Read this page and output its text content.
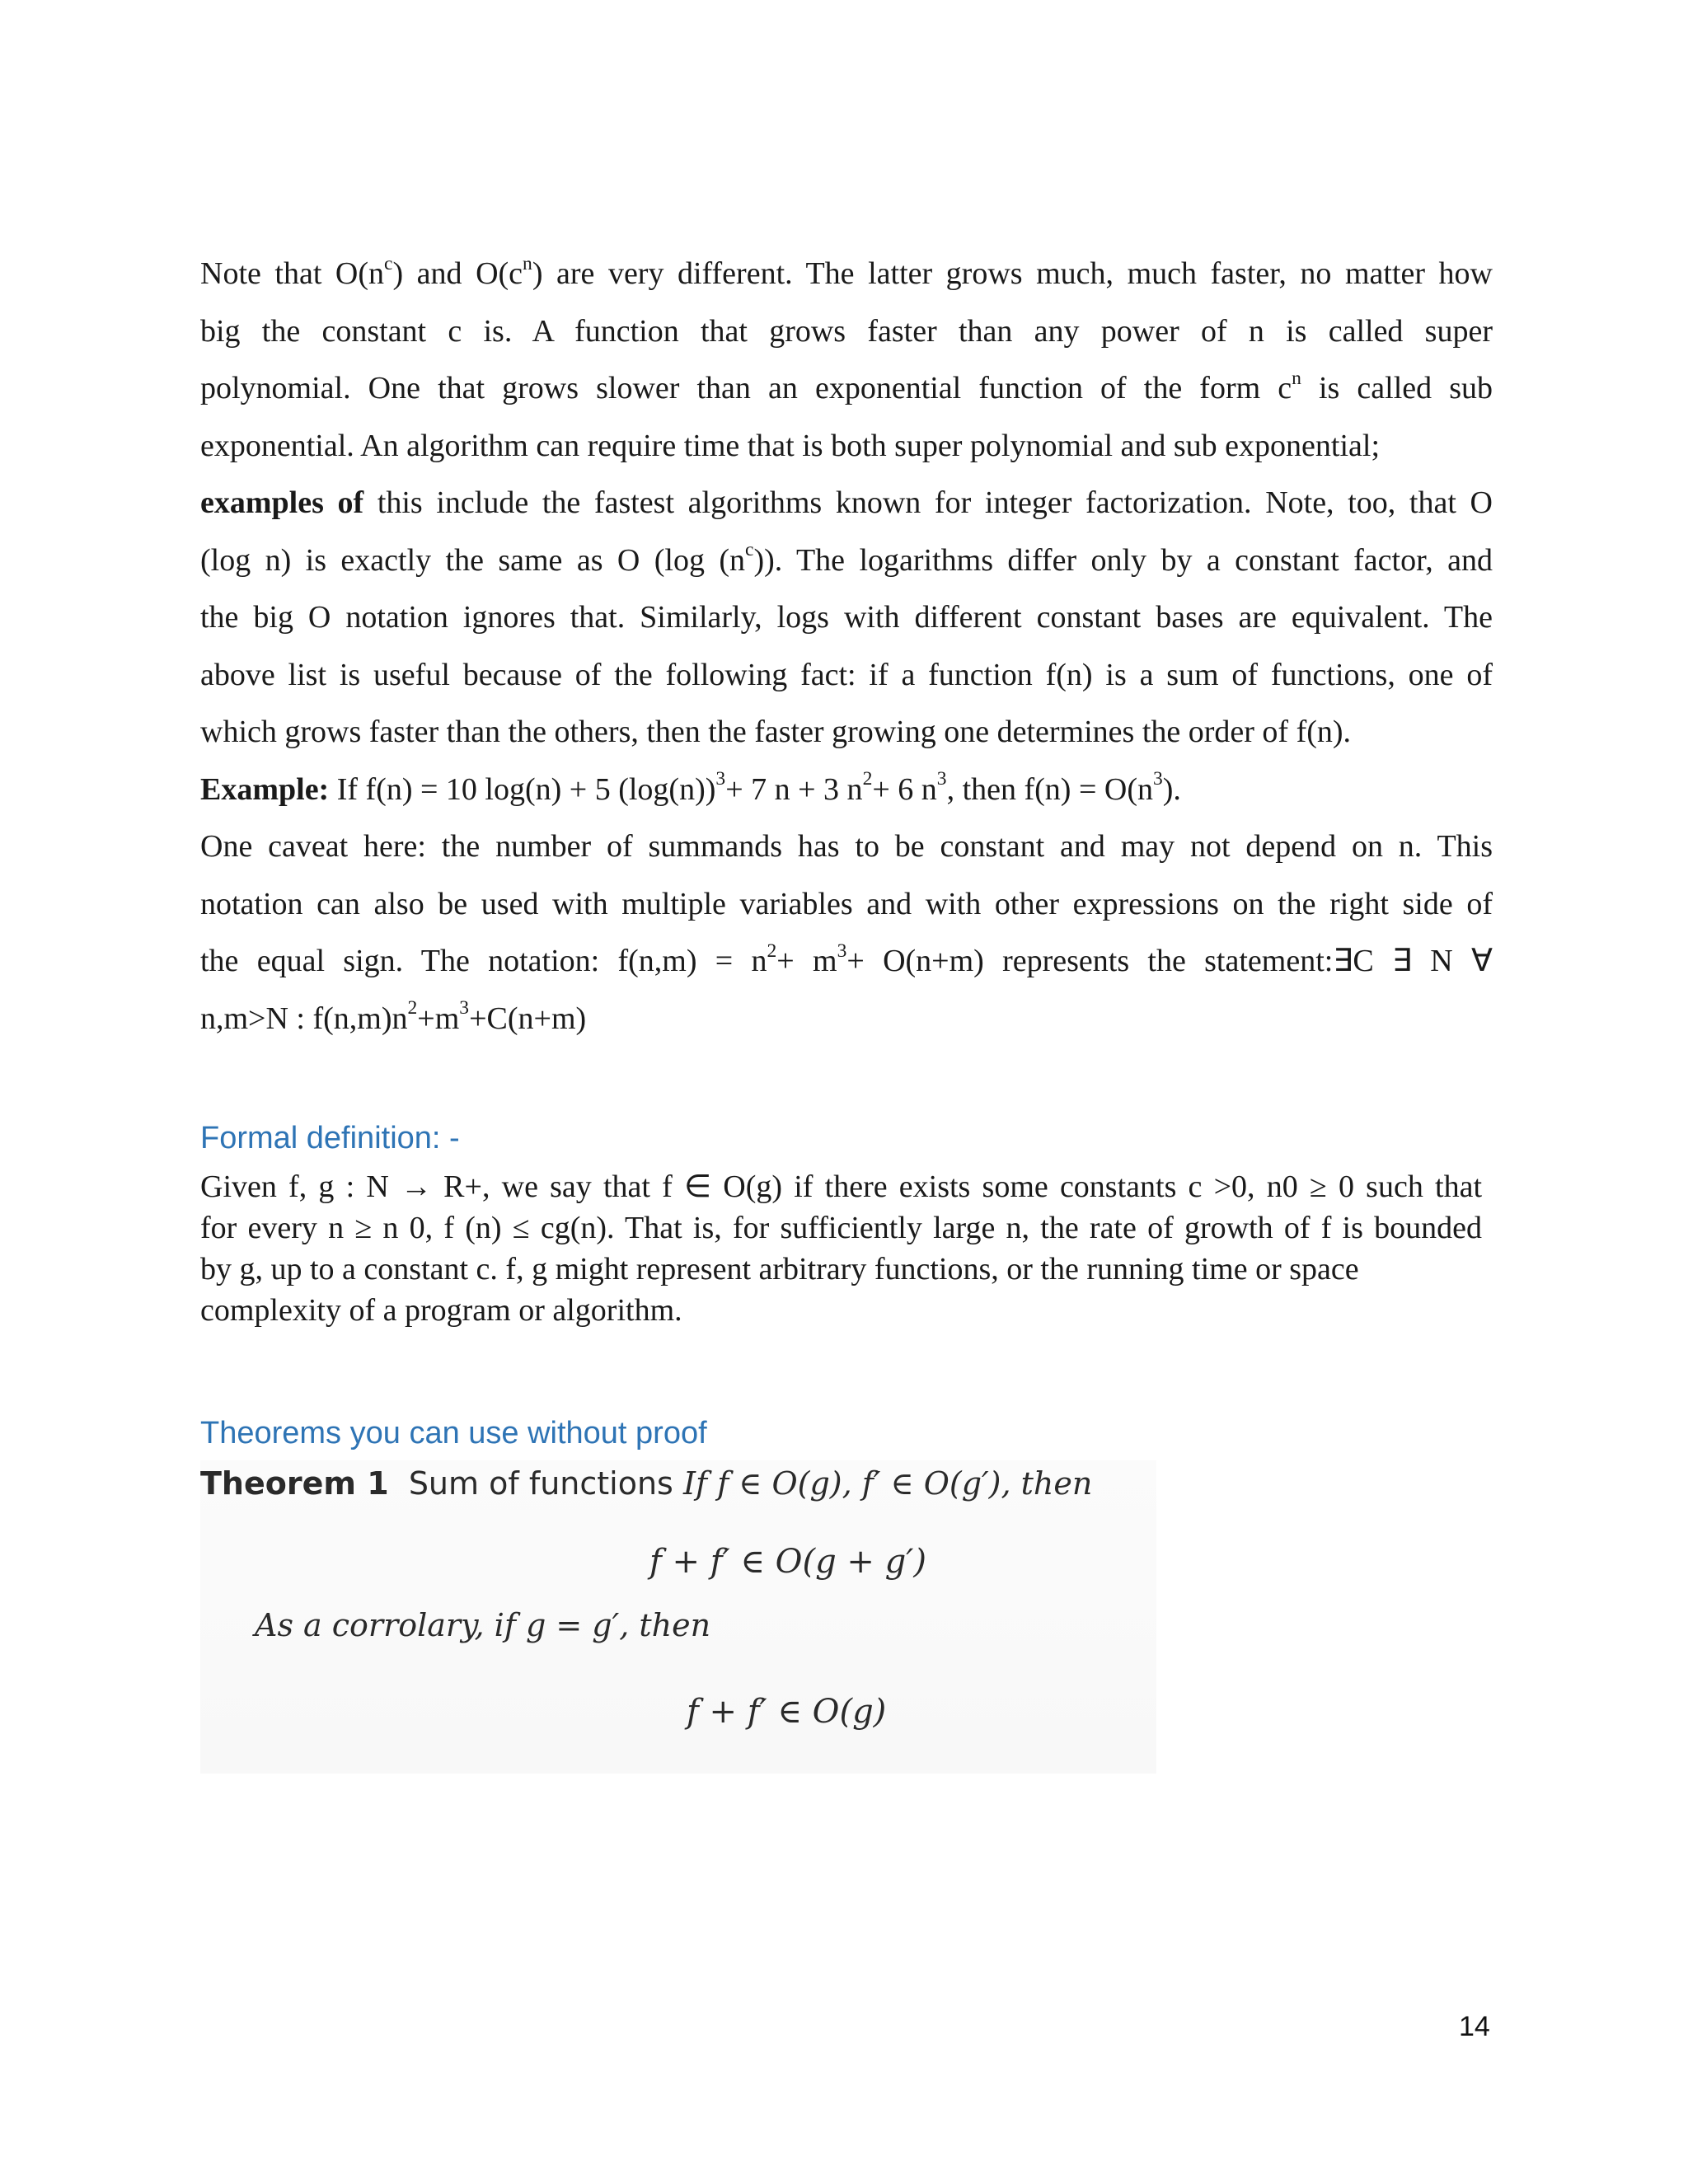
Note that $O(n^c)$ and $O(c^n)$ are very different. The latter grows much, much faster, no matter how
big the constant c is. A function that grows faster than any power of n is called super
polynomial. One that grows slower than an exponential function of the form $c^n$ is called sub
exponential. An algorithm can require time that is both super polynomial and sub exponential;
examples of this include the fastest algorithms known for integer factorization. Note, too, that O
(log n) is exactly the same as O (log $(n^c)$). The logarithms differ only by a constant factor, and
the big O notation ignores that. Similarly, logs with different constant bases are equivalent. The
above list is useful because of the following fact: if a function f(n) is a sum of functions, one of
which grows faster than the others, then the faster growing one determines the order of f(n).
Example: If f(n) = 10 log(n) + 5 $(\log(n))^3+ 7$ n + 3 $n^2+ 6$ $n^3$, then $f(n) = O(n^3)$.
One caveat here: the number of summands has to be constant and may not depend on n. This
notation can also be used with multiple variables and with other expressions on the right side of
the equal sign. The notation: $f(n,m) = n^2+ m^3+ O(n+m)$ represents the statement:∃C ∃ N ∀
n,m>N : $f(n,m)n^2+m^3+C(n+m)$
Formal definition: -
Given f, g : N → R+, we say that f ∈ O(g) if there exists some constants c >0, n0 ≥ 0 such that
for every n ≥ n 0, f (n) ≤ cg(n). That is, for sufficiently large n, the rate of growth of f is bounded
by g, up to a constant c. f, g might represent arbitrary functions, or the running time or space
complexity of a program or algorithm.
Theorems you can use without proof
Theorem 1 Sum of functions If f ∈ O(g), f′ ∈ O(g′), then
f + f′ ∈ O(g + g′)
As a corrolary, if g = g′, then
f + f′ ∈ O(g)
14
